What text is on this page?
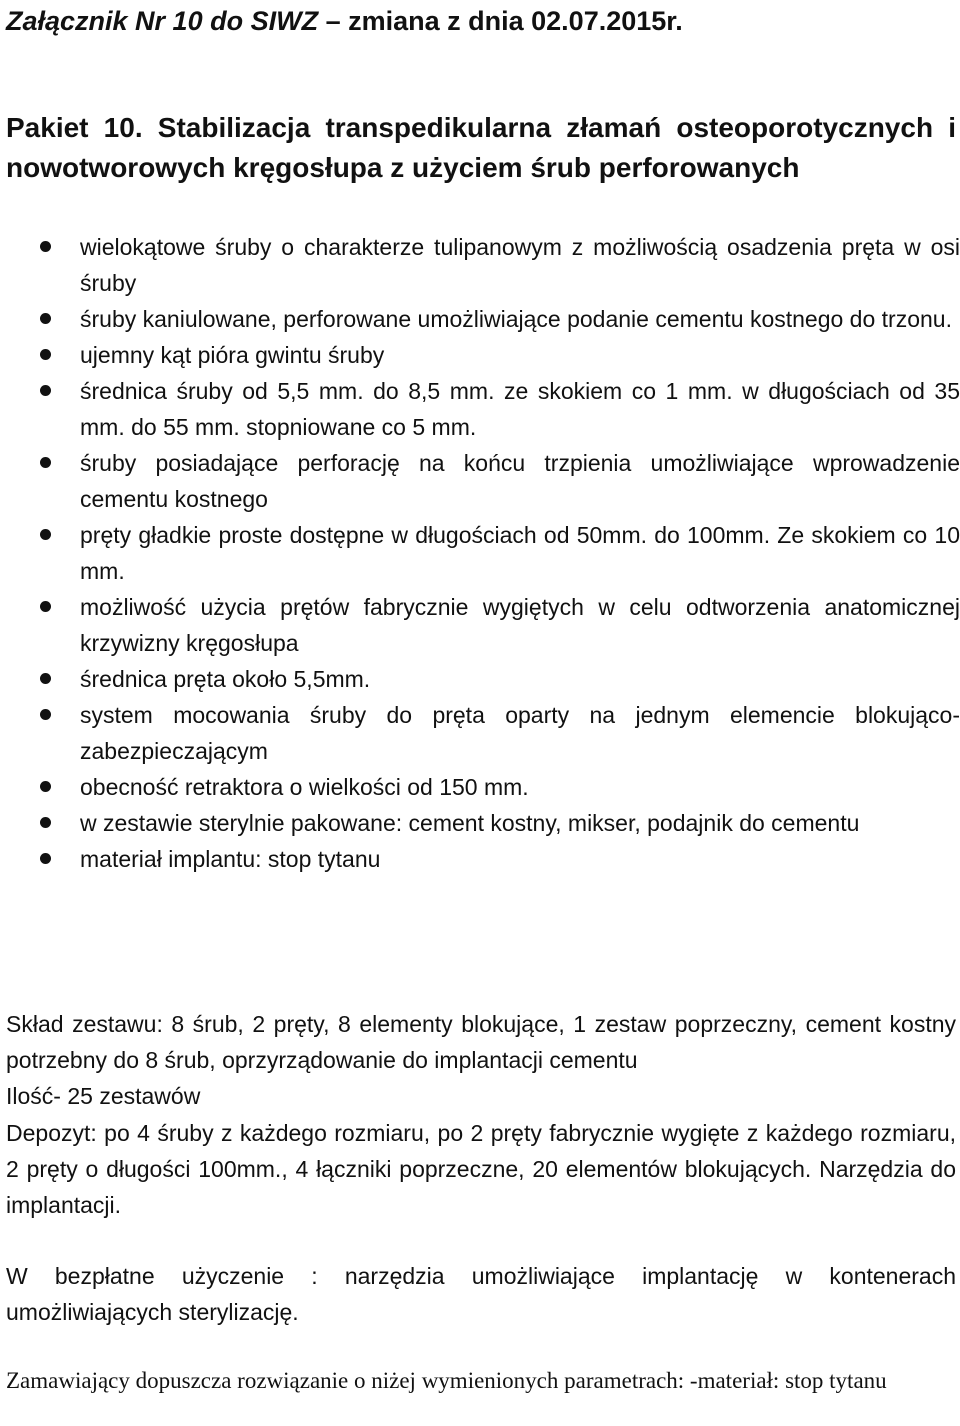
Załącznik Nr 10 do SIWZ – zmiana z dnia 02.07.2015r.
Pakiet 10. Stabilizacja transpedikularna złamań osteoporotycznych i nowotworowych kręgosłupa z użyciem śrub perforowanych
wielokątowe śruby o charakterze tulipanowym z możliwością osadzenia pręta w osi śruby
śruby kaniulowane, perforowane umożliwiające podanie cementu kostnego do trzonu.
ujemny kąt pióra gwintu śruby
średnica śruby od 5,5 mm. do 8,5 mm. ze skokiem co 1 mm. w długościach od 35 mm. do 55 mm. stopniowane co 5 mm.
śruby posiadające perforację na końcu trzpienia umożliwiające wprowadzenie cementu kostnego
pręty gładkie proste dostępne w długościach od 50mm. do 100mm. Ze skokiem co 10 mm.
możliwość użycia prętów fabrycznie wygiętych w celu odtworzenia anatomicznej krzywizny kręgosłupa
średnica pręta około 5,5mm.
system mocowania śruby do pręta oparty na jednym elemencie blokująco-zabezpieczającym
obecność retraktora o wielkości od 150 mm.
w zestawie sterylnie pakowane: cement kostny, mikser, podajnik do cementu
materiał implantu: stop tytanu
Skład zestawu: 8 śrub, 2 pręty, 8 elementy blokujące, 1 zestaw poprzeczny, cement kostny potrzebny do 8 śrub, oprzyrządowanie do implantacji cementu
Ilość- 25 zestawów
Depozyt: po 4 śruby z każdego rozmiaru, po 2 pręty fabrycznie wygięte z każdego rozmiaru, 2 pręty o długości 100mm., 4 łączniki poprzeczne, 20 elementów blokujących. Narzędzia do implantacji.
W bezpłatne użyczenie : narzędzia umożliwiające implantację w kontenerach umożliwiających sterylizację.
Zamawiający dopuszcza rozwiązanie o niżej wymienionych parametrach: -materiał: stop tytanu
